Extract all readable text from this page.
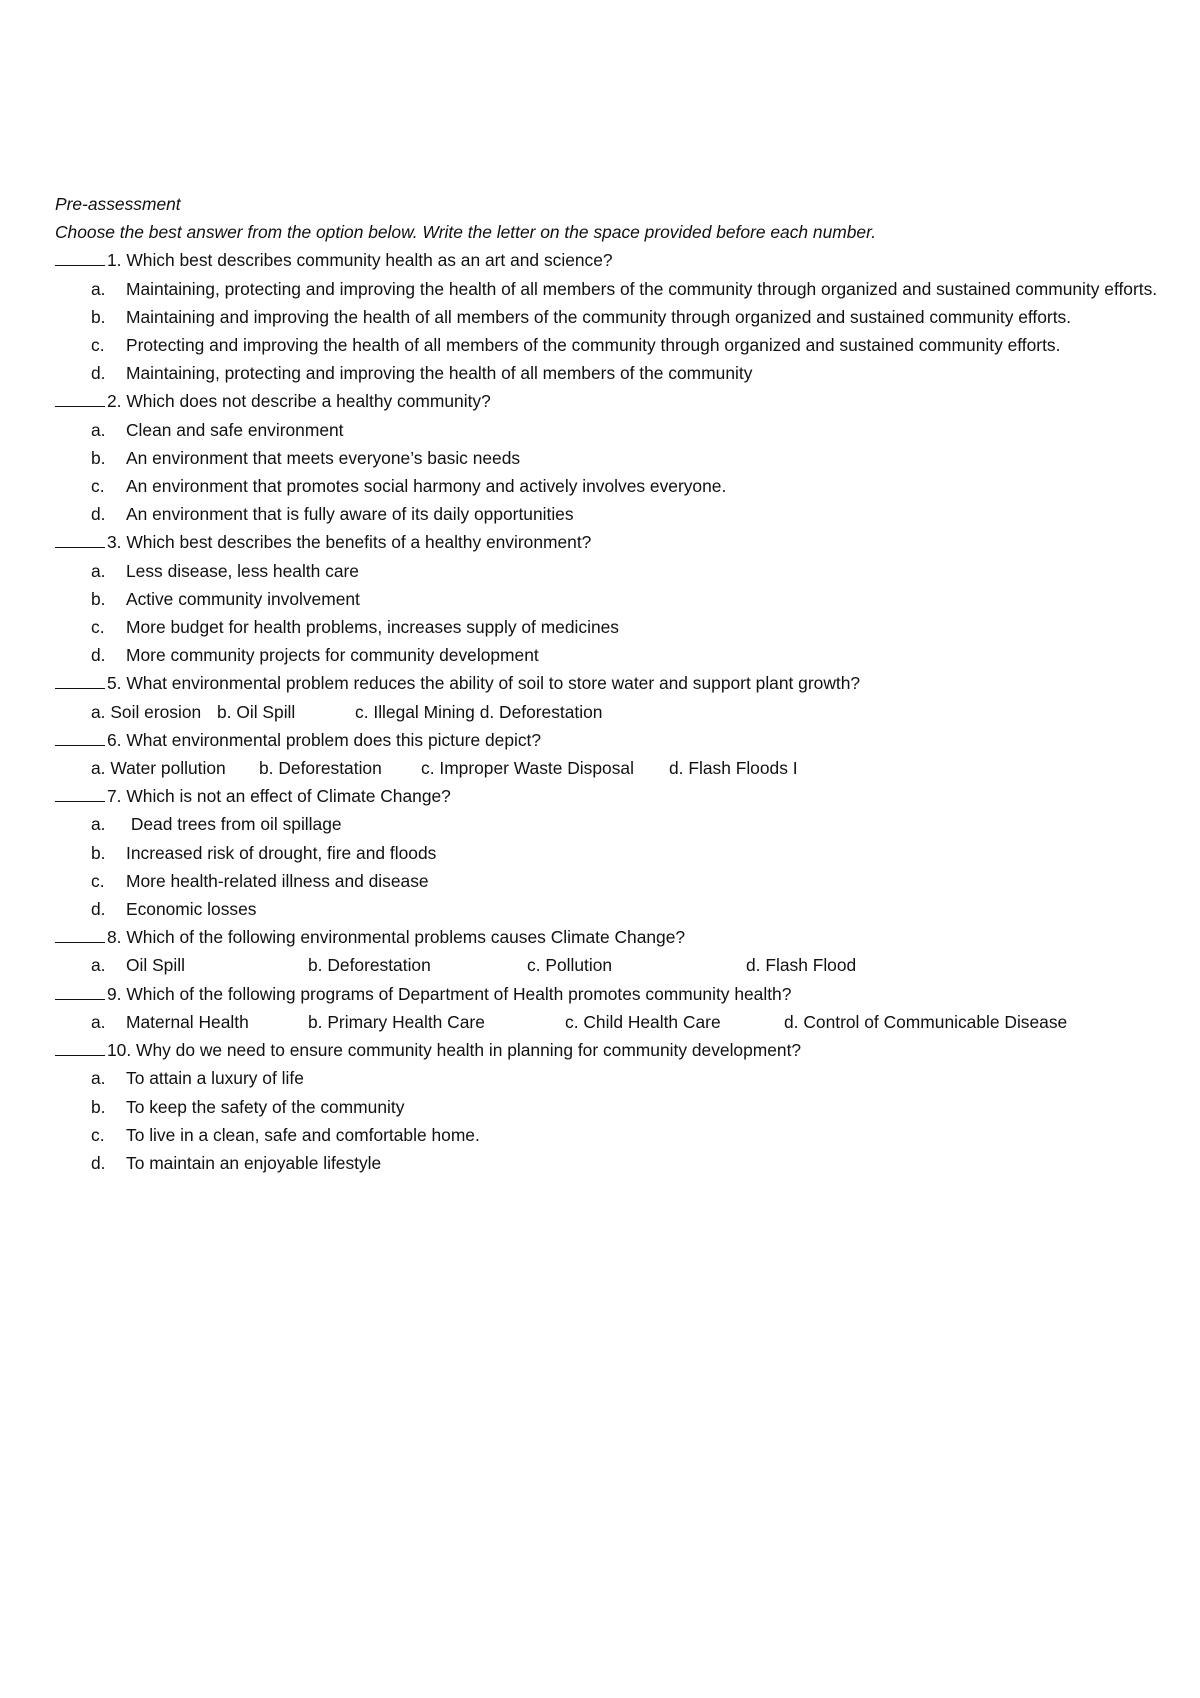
Pre-assessment
Choose the best answer from the option below. Write the letter on the space provided before each number.
1. Which best describes community health as an art and science?
a.	Maintaining, protecting and improving the health of all members of the community through organized and sustained community efforts.
b.	Maintaining and improving the health of all members of the community through organized and sustained community efforts.
c.	Protecting and improving the health of all members of the community through organized and sustained community efforts.
d.	Maintaining, protecting and improving the health of all members of the community
2. Which does not describe a healthy community?
a.	Clean and safe environment
b.	An environment that meets everyone’s basic needs
c.	An environment that promotes social harmony and actively involves everyone.
d.	An environment that is fully aware of its daily opportunities
3. Which best describes the benefits of a healthy environment?
a.	Less disease, less health care
b.	Active community involvement
c.	More budget for health problems, increases supply of medicines
d.	More community projects for community development
5. What environmental problem reduces the ability of soil to store water and support plant growth?
a. Soil erosion b. Oil Spill	c. Illegal Mining d. Deforestation
6. What environmental problem does this picture depict?
a. Water pollution	b. Deforestation	c. Improper Waste Disposal	d. Flash Floods I
7. Which is not an effect of Climate Change?
a.	Dead trees from oil spillage
b.	Increased risk of drought, fire and floods
c.	More health-related illness and disease
d.	Economic losses
8. Which of the following environmental problems causes Climate Change?
a. Oil Spill	b. Deforestation	c. Pollution	d. Flash Flood
9. Which of the following programs of Department of Health promotes community health?
a. Maternal Health	b. Primary Health Care	c. Child Health Care	d. Control of Communicable Disease
10. Why do we need to ensure community health in planning for community development?
a.	To attain a luxury of life
b.	To keep the safety of the community
c.	To live in a clean, safe and comfortable home.
d.	To maintain an enjoyable lifestyle
